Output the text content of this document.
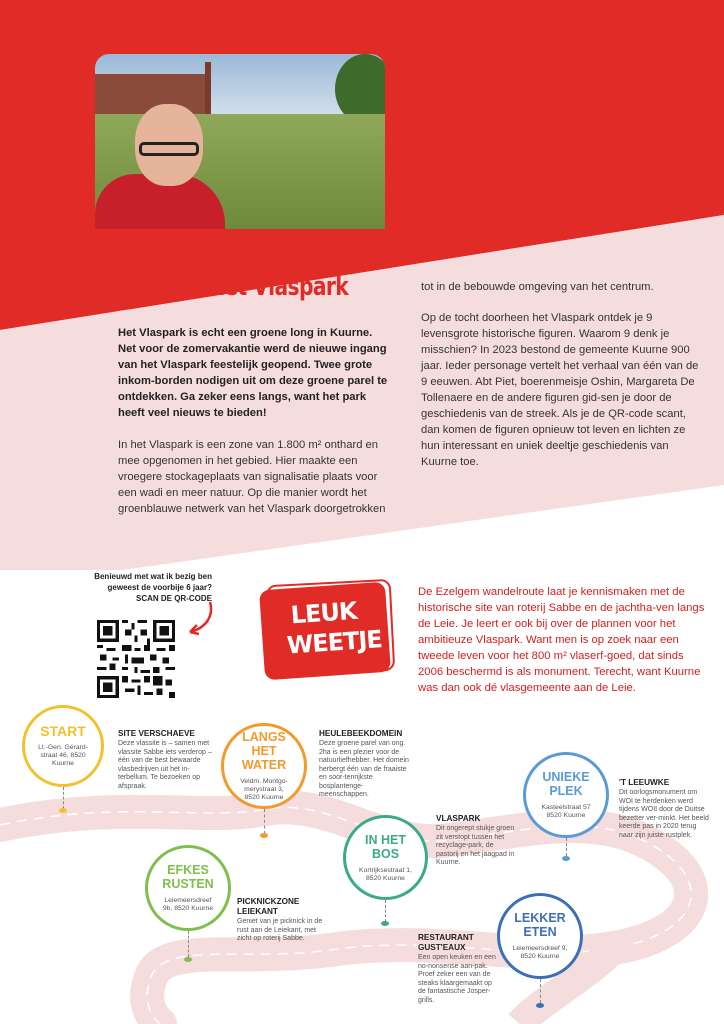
Groene long in centrum
Kuurne: het Vlaspark

Het Vlaspark is echt een groene long in Kuurne. Net voor de zomervakantie werd de nieuwe ingang van het Vlaspark feestelijk geopend. Twee grote inkom-borden nodigen uit om deze groene parel te ontdekken. Ga zeker eens langs, want het park heeft veel nieuws te bieden!

In het Vlaspark is een zone van 1.800 m² onthard en mee opgenomen in het gebied. Hier maakte een vroegere stockageplaats van signalisatie plaats voor een wadi en meer natuur. Op die manier wordt het groenblauwe netwerk van het Vlaspark doorgetrokken

tot in de bebouwde omgeving van het centrum.

Op de tocht doorheen het Vlaspark ontdek je 9 levensgrote historische figuren. Waarom 9 denk je misschien? In 2023 bestond de gemeente Kuurne 900 jaar. Ieder personage vertelt het verhaal van één van de 9 eeuwen. Abt Piet, boerenmeisje Oshin, Margareta De Tollenaere en de andere figuren gid-sen je door de geschiedenis van de streek. Als je de QR-code scant, dan komen de figuren opnieuw tot leven en lichten ze hun interessant en uniek deeltje geschiedenis van Kuurne toe.

Benieuwd met wat ik bezig ben geweest de voorbije 6 jaar?
SCAN DE QR-CODE	LEUK
WEETJE

De Ezelgem wandelroute laat je kennismaken met de historische site van roterij Sabbe en de jachtha-ven langs de Leie. Je leert er ook bij over de plannen voor het ambitieuze Vlaspark. Want men is op zoek naar een tweede leven voor het 800 m² vlaserf-goed, dat sinds 2006 beschermd is als monument. Terecht, want Kuurne was dan ook dé vlasgemeente aan de Leie.

START
Lt.-Gen. Gérard-straat 46, 8520 Kuurne
LANGS HET WATER
Veldm. Montgo-merystraat 3, 8520 Kuurne
EFKES RUSTEN
Leiemeersdreef 9b, 8520 Kuurne
IN HET BOS
Kortrijksestraat 1, 8520 Kuurne
UNIEKE PLEK
Kasteelstraat 57 8520 Kuurne
LEKKER ETEN
Leiemeersdreef 9, 8520 Kuurne
SITE VERSCHAEVE
Deze vlassite is – samen met vlassite Sabbe iets verderop – één van de best bewaarde vlasbedrijven uit het in-terbellum. Te bezoeken op afspraak.
HEULEBEEKDOMEIN
Deze groene parel van ong. 2ha is een plezier voor de natuurliefhebber. Het domein herbergt één van de fraaiste en soor-tenrijkste bosplantenge-meenschappen.
VLASPARK
Dit ongerept stukje groen zit verstopt tussen het recyclage-park, de pastorij en het jaagpad in Kuurne.
'T LEEUWKE
Dit oorlogsmonument om WOI te herdenken werd tijdens WOII door de Duitse bezetter ver-minkt. Het beeld keerde pas in 2020 terug naar zijn juiste rustplek.
PICKNICKZONE LEIEKANT
Geniet van je picknick in de rust aan de Leiekant, met zicht op roterij Sabbe.	RESTAURANT GUST'EAUX
Een open keuken en een no-nonsense aan-pak. Proef zeker een van de steaks klaargemaakt op de fantastische Josper-grills.
